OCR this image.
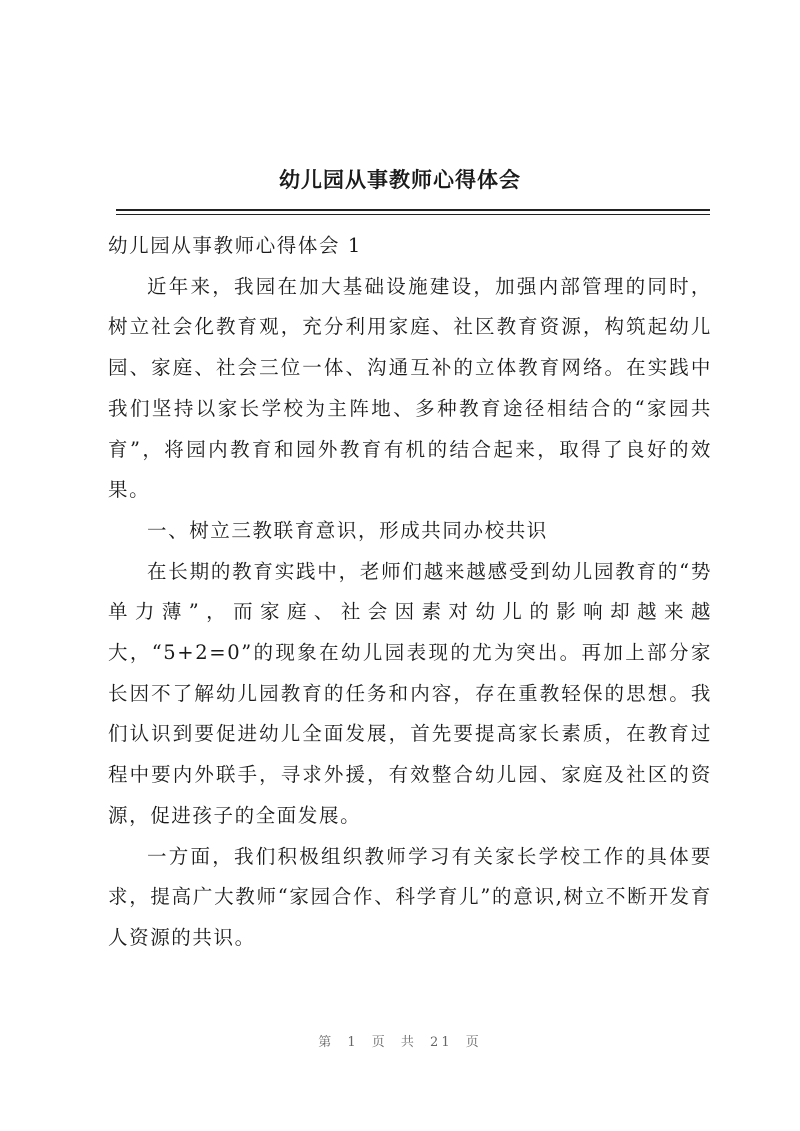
幼儿园从事教师心得体会

幼儿园从事教师心得体会 1

近年来，我园在加大基础设施建设，加强内部管理的同时，树立社会化教育观，充分利用家庭、社区教育资源，构筑起幼儿园、家庭、社会三位一体、沟通互补的立体教育网络。在实践中我们坚持以家长学校为主阵地、多种教育途径相结合的“家园共育”，将园内教育和园外教育有机的结合起来，取得了良好的效果。

一、树立三教联育意识，形成共同办校共识

在长期的教育实践中，老师们越来越感受到幼儿园教育的“势单力薄”，而家庭、社会因素对幼儿的影响却越来越大，“5+2=0”的现象在幼儿园表现的尤为突出。再加上部分家长因不了解幼儿园教育的任务和内容，存在重教轻保的思想。我们认识到要促进幼儿全面发展，首先要提高家长素质，在教育过程中要内外联手，寻求外援，有效整合幼儿园、家庭及社区的资源，促进孩子的全面发展。

一方面，我们积极组织教师学习有关家长学校工作的具体要求，提高广大教师“家园合作、科学育儿”的意识,树立不断开发育人资源的共识。

第 1 页 共 21 页
